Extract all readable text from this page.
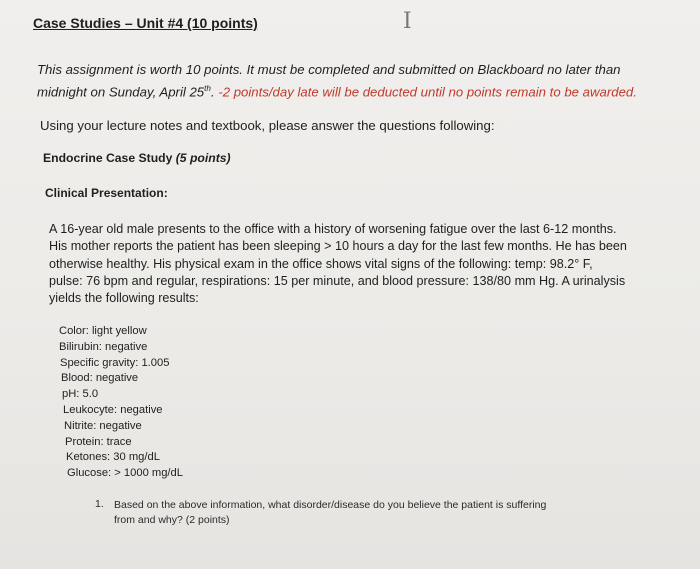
Case Studies – Unit #4 (10 points)	I
This assignment is worth 10 points. It must be completed and submitted on Blackboard no later than
midnight on Sunday, April 25th. -2 points/day late will be deducted until no points remain to be awarded.
Using your lecture notes and textbook, please answer the questions following:
Endocrine Case Study (5 points)
Clinical Presentation:
A 16-year old male presents to the office with a history of worsening fatigue over the last 6-12 months.
His mother reports the patient has been sleeping > 10 hours a day for the last few months. He has been
otherwise healthy. His physical exam in the office shows vital signs of the following: temp: 98.2° F,
pulse: 76 bpm and regular, respirations: 15 per minute, and blood pressure: 138/80 mm Hg. A urinalysis
yields the following results:
Color: light yellow
Bilirubin: negative
Specific gravity: 1.005
Blood: negative
pH: 5.0
Leukocyte: negative
Nitrite: negative
Protein: trace
Ketones: 30 mg/dL
Glucose: > 1000 mg/dL
1. Based on the above information, what disorder/disease do you believe the patient is suffering
from and why? (2 points)
